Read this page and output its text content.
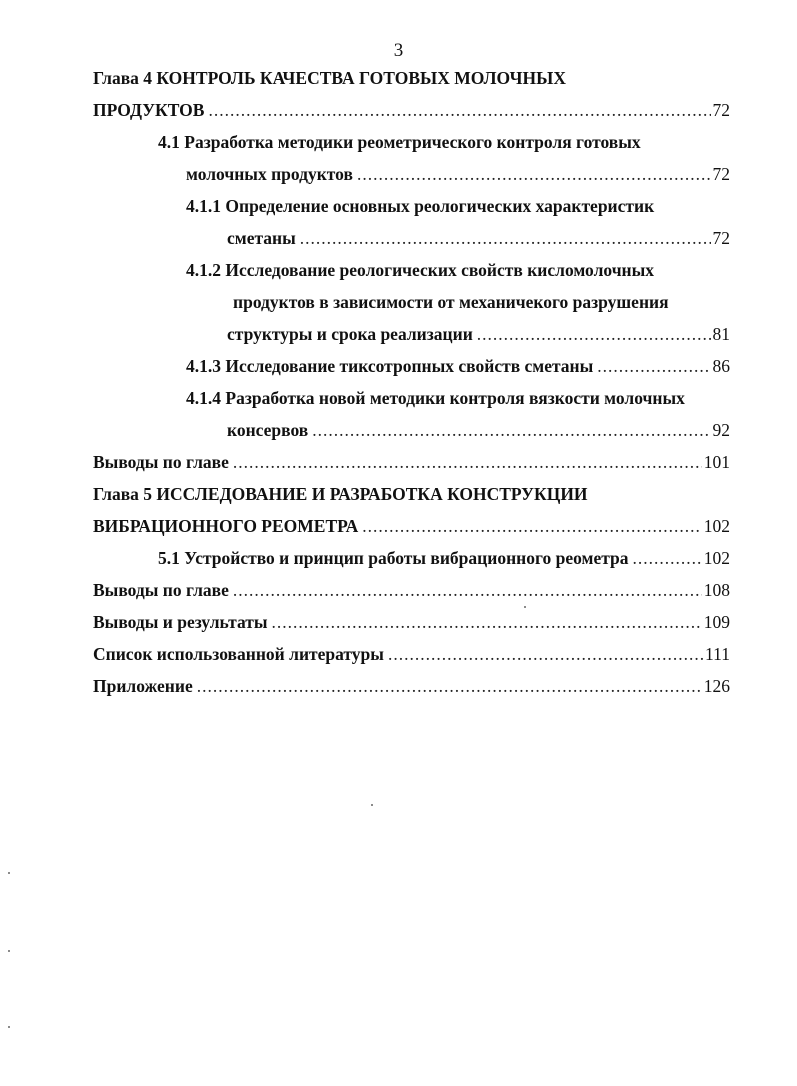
3
Глава 4 КОНТРОЛЬ КАЧЕСТВА ГОТОВЫХ МОЛОЧНЫХ
ПРОДУКТОВ .....	72
4.1 Разработка методики реометрического контроля готовых
молочных продуктов .....	72
4.1.1 Определение основных реологических характеристик
сметаны .....	72
4.1.2 Исследование реологических свойств кисломолочных
продуктов в зависимости от механичекого разрушения
структуры и срока реализации .....	81
4.1.3 Исследование тиксотропных свойств сметаны .....	86
4.1.4 Разработка новой методики контроля вязкости молочных
консервов .....	92
Выводы по главе .....	101
Глава 5 ИССЛЕДОВАНИЕ И РАЗРАБОТКА КОНСТРУКЦИИ
ВИБРАЦИОННОГО РЕОМЕТРА .....	102
5.1 Устройство и принцип работы вибрационного реометра .....	102
Выводы по главе .....	108
Выводы и результаты .....	109
Список использованной литературы .....	111
Приложение .....	126
